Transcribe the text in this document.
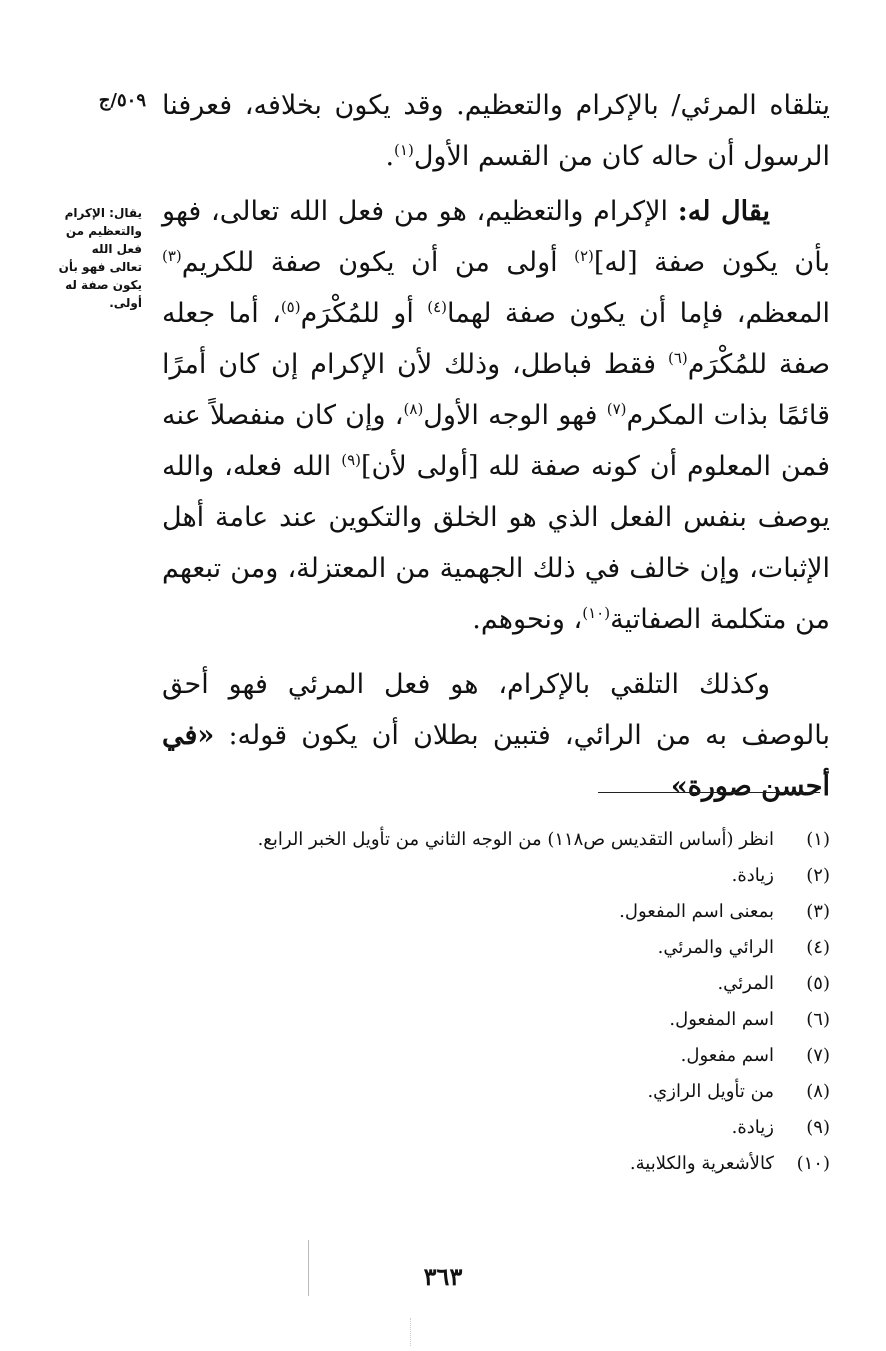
٥٠٩/ج
يقال: الإكرام والتعظيم من فعل الله تعالى فهو بأن يكون صفة له أولى.

يتلقاه المرئي/ بالإكرام والتعظيم. وقد يكون بخلافه، فعرفنا الرسول أن حاله كان من القسم الأول$^{(١)}$.

يقال له: الإكرام والتعظيم، هو من فعل الله تعالى، فهو بأن يكون صفة [له]$^{(٢)}$ أولى من أن يكون صفة للكريم$^{(٣)}$ المعظم، فإما أن يكون صفة لهما$^{(٤)}$ أو للمُكْرَم$^{(٥)}$، أما جعله صفة للمُكْرَم$^{(٦)}$ فقط فباطل، وذلك لأن الإكرام إن كان أمرًا قائمًا بذات المكرم$^{(٧)}$ فهو الوجه الأول$^{(٨)}$، وإن كان منفصلاً عنه فمن المعلوم أن كونه صفة لله [أولى لأن]$^{(٩)}$ الله فعله، والله يوصف بنفس الفعل الذي هو الخلق والتكوين عند عامة أهل الإثبات، وإن خالف في ذلك الجهمية من المعتزلة، ومن تبعهم من متكلمة الصفاتية$^{(١٠)}$، ونحوهم.

وكذلك التلقي بالإكرام، هو فعل المرئي فهو أحق بالوصف به من الرائي، فتبين بطلان أن يكون قوله: «في أحسن صورة»

(١)
انظر (أساس التقديس ص١١٨) من الوجه الثاني من تأويل الخبر الرابع.
(٢)
زيادة.
(٣)
بمعنى اسم المفعول.
(٤)
الرائي والمرئي.
(٥)
المرئي.
(٦)
اسم المفعول.
(٧)
اسم مفعول.
(٨)
من تأويل الرازي.
(٩)
زيادة.
(١٠)
كالأشعرية والكلابية.
٣٦٣
